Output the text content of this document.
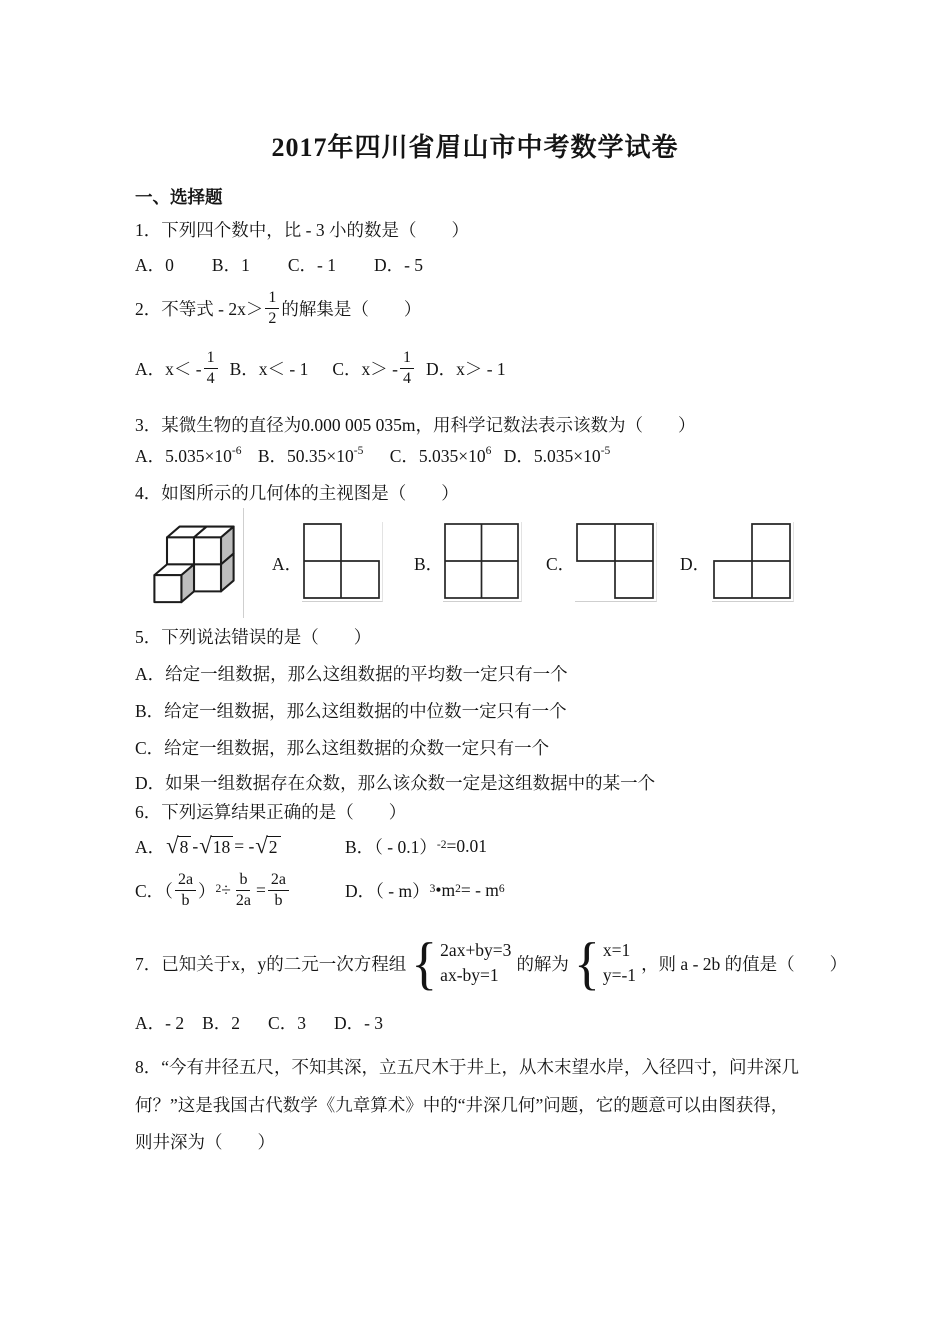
2017年四川省眉山市中考数学试卷
一、选择题
1．下列四个数中，比 - 3 小的数是（　　）
A．0 B．1 C．- 1 D．- 5
2．不等式 - $2x> \frac{1}{2}$ 的解集是（　　）
A．$x< - \frac{1}{4}$ B．x＜ - 1 C．$x> - \frac{1}{4}$ D．x＞ - 1
3．某微生物的直径为0.000 005 035m，用科学记数法表示该数为（　　）
A．$5.035\times 10^{-6}$ B．$50.35\times 10^{-5}$ C．$5.035\times 10^6$ D．$5.035\times 10^{-5}$
4．如图所示的几何体的主视图是（　　）
A．	B．	C．	D．
5．下列说法错误的是（　　）
A．给定一组数据，那么这组数据的平均数一定只有一个
B．给定一组数据，那么这组数据的中位数一定只有一个
C．给定一组数据，那么这组数据的众数一定只有一个
D．如果一组数据存在众数，那么该众数一定是这组数据中的某一个
6．下列运算结果正确的是（　　）
A． √ 8 - √ 18 = - √ 2	B．（ - 0.1）$^{-2}$ =0.01
C．（ $\frac{2a}{b} )^2 \div \frac{b}{2a} = \frac{2a}{b}$	D．（ - m）$^3$ $•m^2$ = - $m^6$
7．已知关于x，y的二元一次方程组 { 2ax+by=3
ax-by=1
的解为 { x=1
y=-1
，则 a - 2b 的值是（　　）
A．- 2 B．2 C．3 D．- 3
8．“今有井径五尺，不知其深，立五尺木于井上，从木末望水岸，入径四寸，问井深几
何？”这是我国古代数学《九章算术》中的“井深几何”问题，它的题意可以由图获得，
则井深为（　　）
